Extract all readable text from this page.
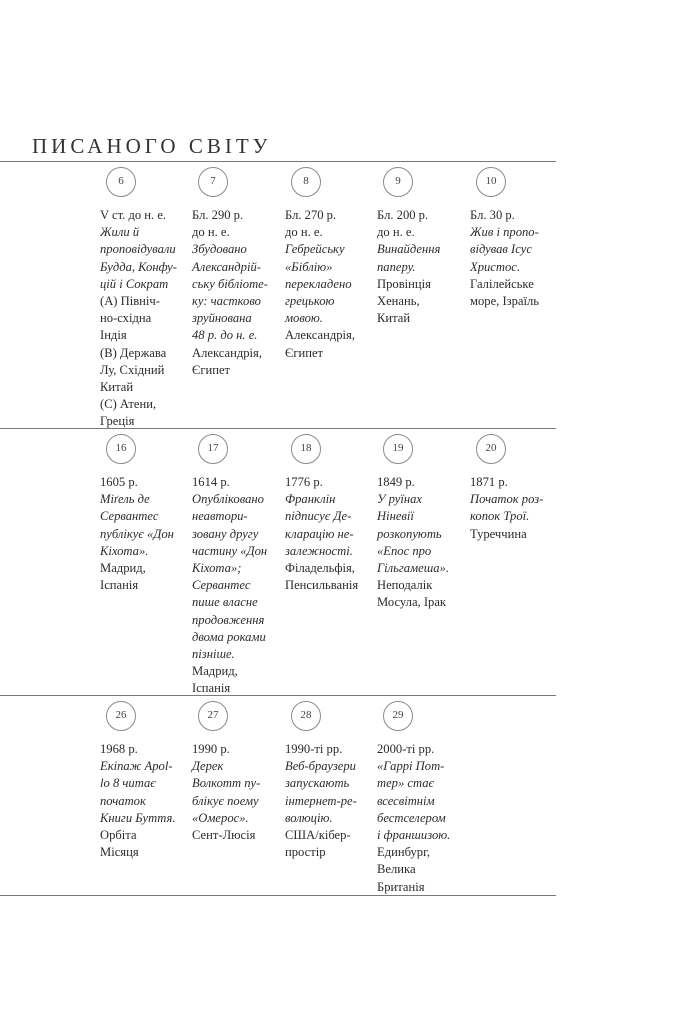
ПИСАНОГО СВІТУ
6
V ст. до н. е.
Жили й
проповідували
Будда, Конфу-
цій і Сократ
(A) Північ-
но-східна
Індія
(B) Держава
Лу, Східний
Китай
(C) Атени,
Греція
7
Бл. 290 р.
до н. е.
Збудовано
Александрій-
ську бібліоте-
ку: частково
зруйнована
48 р. до н. е.
Александрія,
Єгипет
8
Бл. 270 р.
до н. е.
Гебрейську
«Біблію»
перекладено
грецькою
мовою.
Александрія,
Єгипет
9
Бл. 200 р.
до н. е.
Винайдення
паперу.
Провінція
Хенань,
Китай
10
Бл. 30 р.
Жив і пропо-
відував Ісус
Христос.
Галілейське
море, Ізраїль
16
1605 р.
Міґель де
Сервантес
публікує «Дон
Кіхота».
Мадрид,
Іспанія
17
1614 р.
Опубліковано
неавтори-
зовану другу
частину «Дон
Кіхота»;
Сервантес
пише власне
продовження
двома роками
пізніше.
Мадрид,
Іспанія
18
1776 р.
Франклін
підписує Де-
кларацію не-
залежності.
Філадельфія,
Пенсильванія
19
1849 р.
У руїнах
Ніневії
розкопують
«Епос про
Гільгамеша».
Неподалік
Мосула, Ірак
20
1871 р.
Початок роз-
копок Трої.
Туреччина
26
1968 р.
Екіпаж Apol-
lo 8 читає
початок
Книги Буття.
Орбіта
Місяця
27
1990 р.
Дерек
Волкотт пу-
блікує поему
«Омерос».
Сент-Люсія
28
1990-ті рр.
Веб-браузери
запускають
інтернет-ре-
волюцію.
США/кібер-
простір
29
2000-ті рр.
«Гаррі Пот-
тер» стає
всесвітнім
бестселером
і франшизою.
Единбург,
Велика
Британія
